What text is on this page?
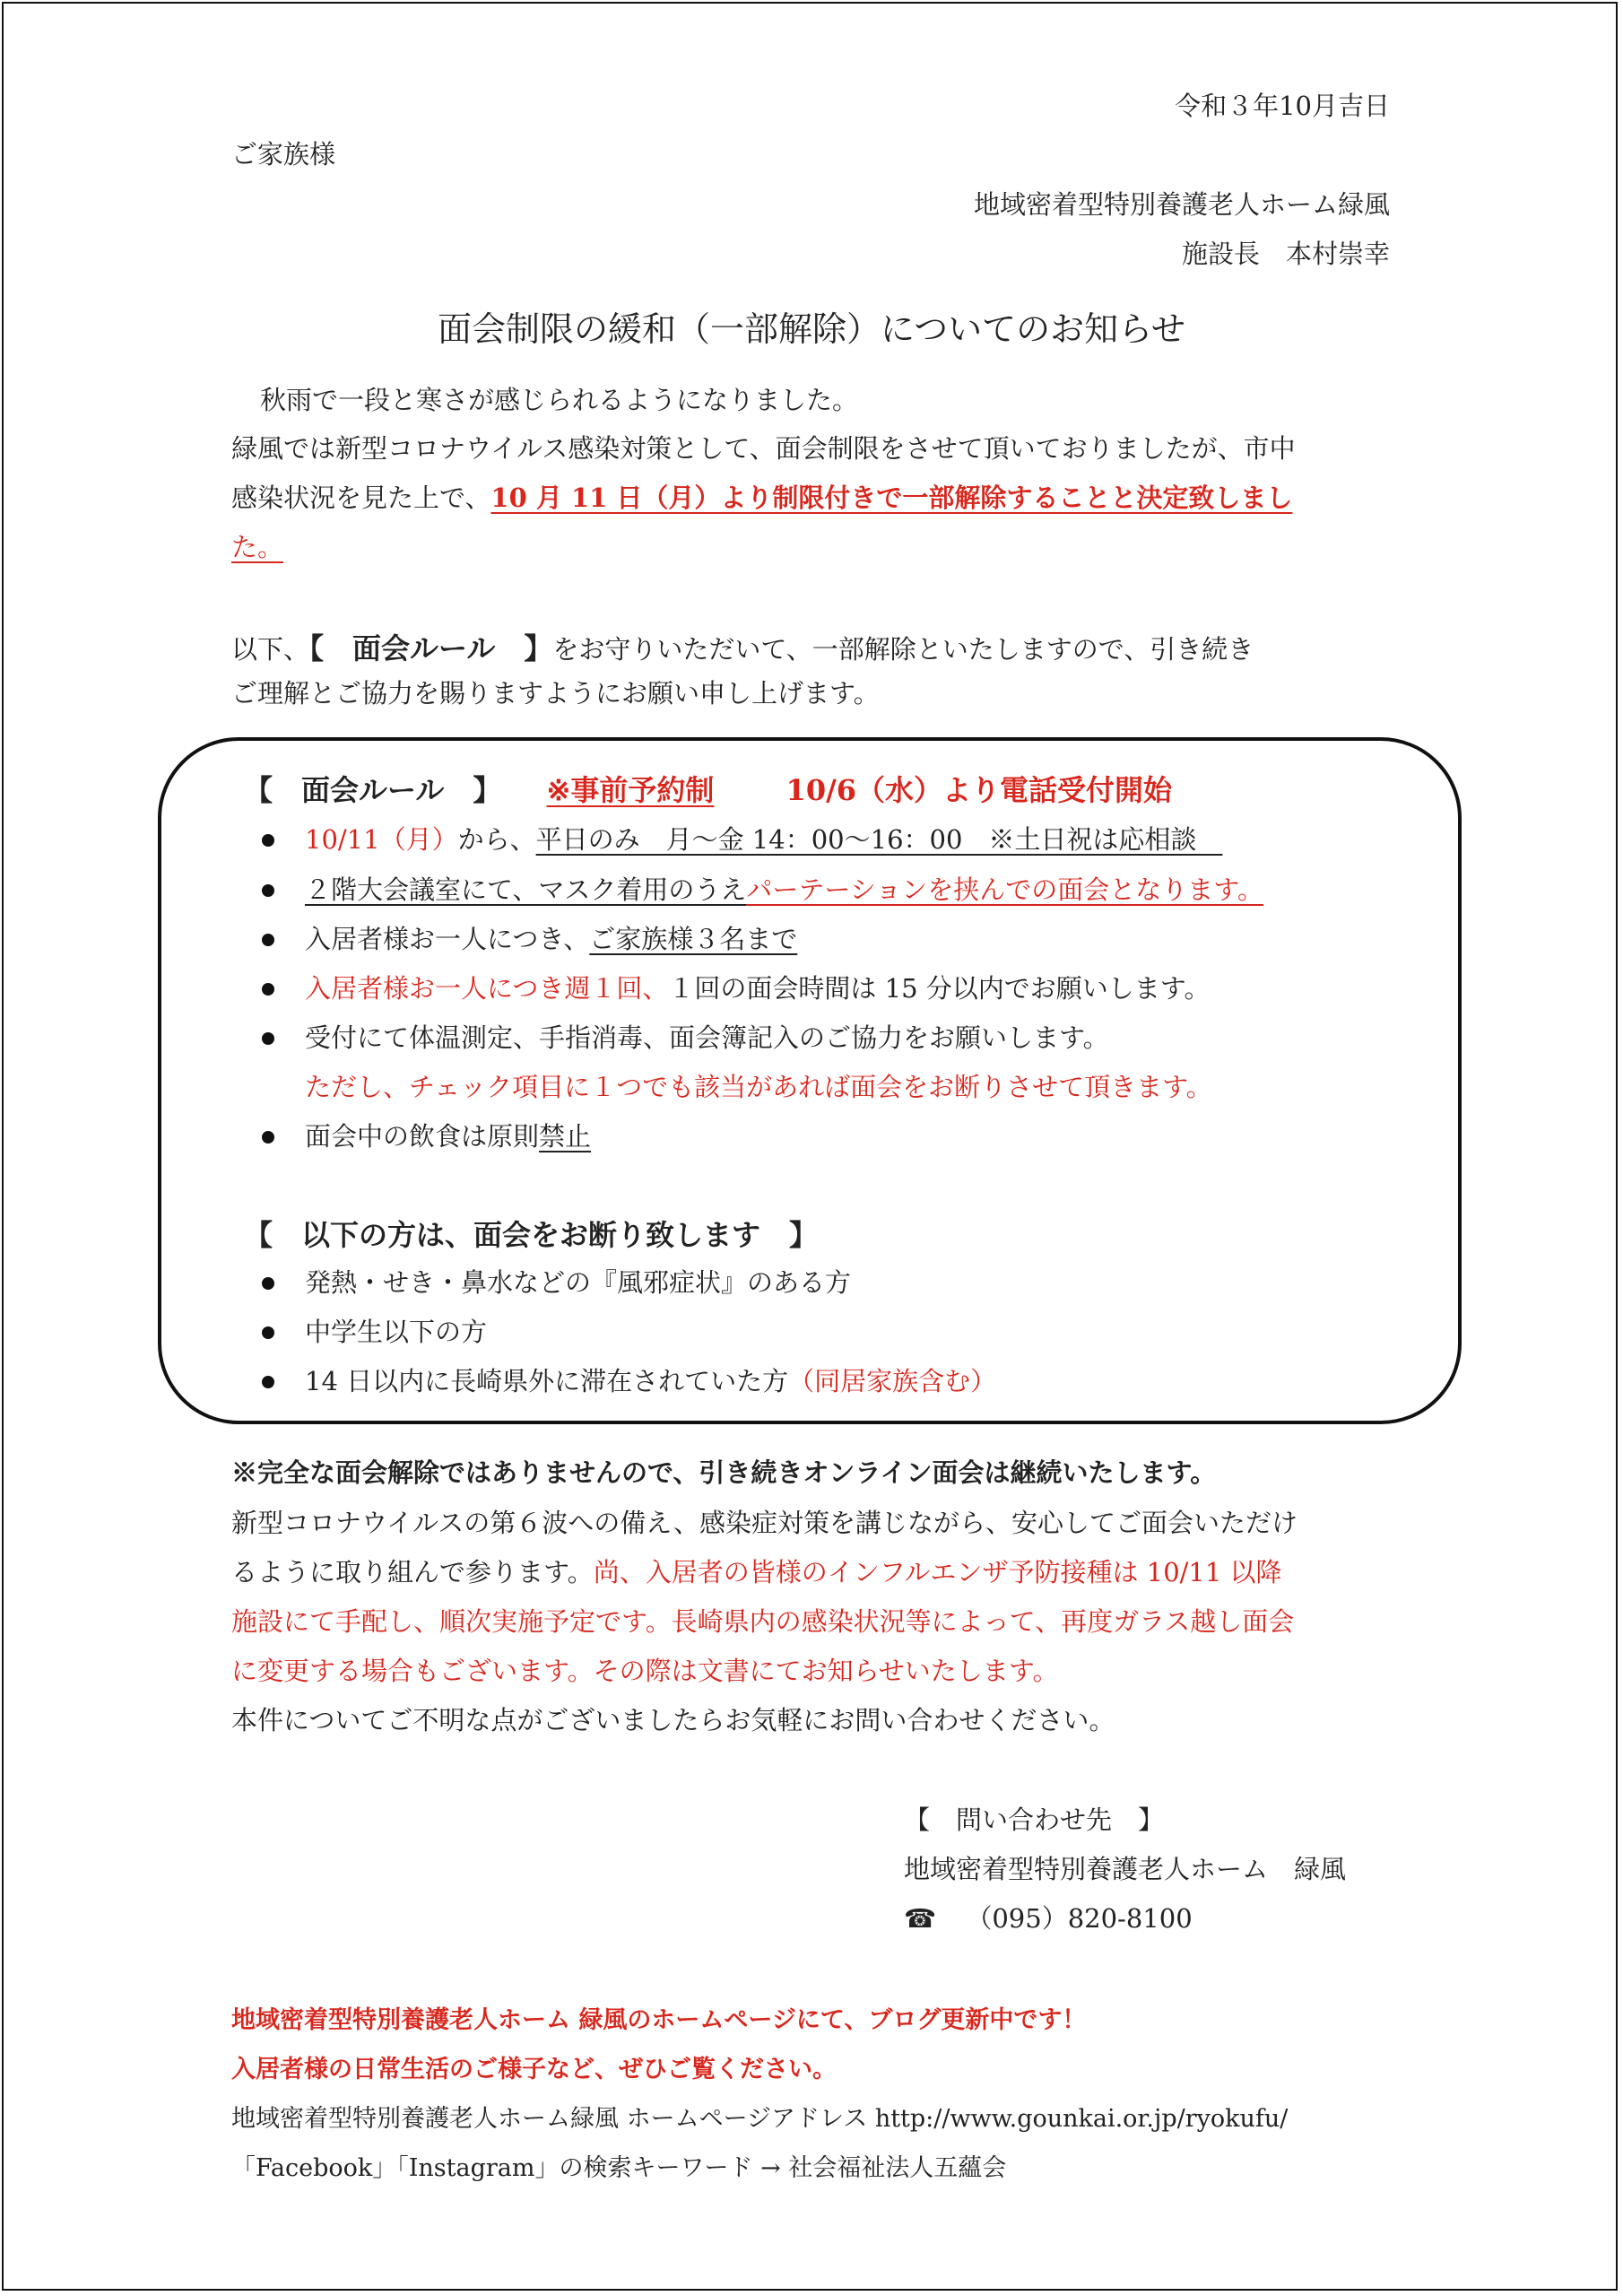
令和３年10月吉日
ご家族様
地域密着型特別養護老人ホーム緑風
施設長　本村崇幸
面会制限の緩和（一部解除）についてのお知らせ
秋雨で一段と寒さが感じられるようになりました。
緑風では新型コロナウイルス感染対策として、面会制限をさせて頂いておりましたが、市中
感染状況を見た上で、10 月 11 日（月）より制限付きで一部解除することと決定致しまし
た。
以下、【　面会ルール　】をお守りいただいて、一部解除といたしますので、引き続き
ご理解とご協力を賜りますようにお願い申し上げます。
【　面会ルール　】 ※事前予約制	10/6（水）より電話受付開始
10/11（月）から、平日のみ　月～金 14：00～16：00　※土日祝は応相談　
２階大会議室にて、マスク着用のうえパーテーションを挟んでの面会となります。
入居者様お一人につき、ご家族様３名まで
入居者様お一人につき週１回、１回の面会時間は 15 分以内でお願いします。
受付にて体温測定、手指消毒、面会簿記入のご協力をお願いします。
ただし、チェック項目に１つでも該当があれば面会をお断りさせて頂きます。
面会中の飲食は原則禁止
【　以下の方は、面会をお断り致します　】
発熱・せき・鼻水などの『風邪症状』のある方
中学生以下の方
14 日以内に長崎県外に滞在されていた方（同居家族含む）
※完全な面会解除ではありませんので、引き続きオンライン面会は継続いたします。
新型コロナウイルスの第６波への備え、感染症対策を講じながら、安心してご面会いただけ
るように取り組んで参ります。尚、入居者の皆様のインフルエンザ予防接種は 10/11 以降
施設にて手配し、順次実施予定です。長崎県内の感染状況等によって、再度ガラス越し面会
に変更する場合もございます。その際は文書にてお知らせいたします。
本件についてご不明な点がございましたらお気軽にお問い合わせください。
【　問い合わせ先　】
地域密着型特別養護老人ホーム　緑風
☎ （095）820-8100
地域密着型特別養護老人ホーム 緑風のホームページにて、ブログ更新中です！
入居者様の日常生活のご様子など、ぜひご覧ください。
地域密着型特別養護老人ホーム緑風 ホームページアドレス http://www.gounkai.or.jp/ryokufu/
「Facebook」「Instagram」の検索キーワード → 社会福祉法人五蘊会
